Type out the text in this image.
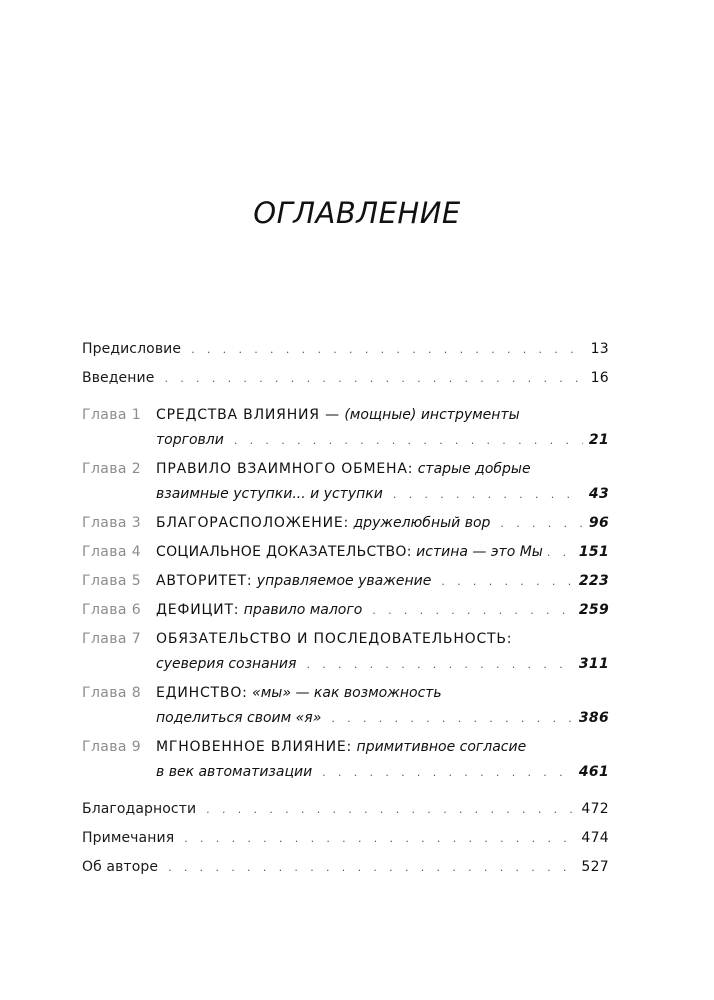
ОГЛАВЛЕНИЕ
Предисловие . . .	13
Введение . . .	16
Глава 1	СРЕДСТВА ВЛИЯНИЯ — (мощные) инструменты
торговли . . .	21
Глава 2	ПРАВИЛО ВЗАИМНОГО ОБМЕНА: старые добрые
взаимные уступки... и уступки . . .	43
Глава 3	БЛАГОРАСПОЛОЖЕНИЕ: дружелюбный вор . . .	96
Глава 4	СОЦИАЛЬНОЕ ДОКАЗАТЕЛЬСТВО: истина — это Мы . . .	151
Глава 5	АВТОРИТЕТ: управляемое уважение . . .	223
Глава 6	ДЕФИЦИТ: правило малого . . .	259
Глава 7	ОБЯЗАТЕЛЬСТВО И ПОСЛЕДОВАТЕЛЬНОСТЬ:
суеверия сознания . . .	311
Глава 8	ЕДИНСТВО: «мы» — как возможность
поделиться своим «я» . . .	386
Глава 9	МГНОВЕННОЕ ВЛИЯНИЕ: примитивное согласие
в век автоматизации . . .	461
Благодарности . . .	472
Примечания . . .	474
Об авторе . . .	527
